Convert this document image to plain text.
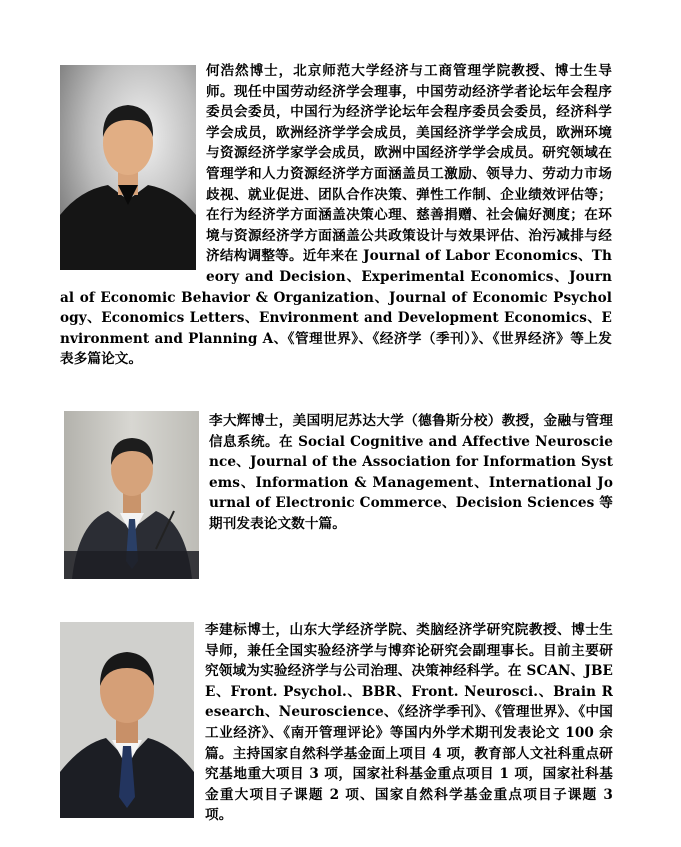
何浩然博士，北京师范大学经济与工商管理学院教授、博士生导师。现任中国劳动经济学会理事，中国劳动经济学者论坛年会程序委员会委员，中国行为经济学论坛年会程序委员会委员，经济科学学会成员，欧洲经济学学会成员，美国经济学学会成员，欧洲环境与资源经济学家学会成员，欧洲中国经济学学会成员。研究领域在管理学和人力资源经济学方面涵盖员工激励、领导力、劳动力市场歧视、就业促进、团队合作决策、弹性工作制、企业绩效评估等；在行为经济学方面涵盖决策心理、慈善捐赠、社会偏好测度；在环境与资源经济学方面涵盖公共政策设计与效果评估、治污减排与经济结构调整等。近年来在 Journal of Labor Economics、Theory and Decision、Experimental Economics、Journal of Economic Behavior & Organization、Journal of Economic Psychology、Economics Letters、Environment and Development Economics、Environment and Planning A、《管理世界》、《经济学（季刊）》、《世界经济》等上发表多篇论文。

李大辉博士，美国明尼苏达大学（德鲁斯分校）教授，金融与管理信息系统。在 Social Cognitive and Affective Neuroscience、Journal of the Association for Information Systems、Information & Management、International Journal of Electronic Commerce、Decision Sciences 等期刊发表论文数十篇。

李建标博士，山东大学经济学院、类脑经济学研究院教授、博士生导师，兼任全国实验经济学与博弈论研究会副理事长。目前主要研究领域为实验经济学与公司治理、决策神经科学。在 SCAN、JBEE、Front. Psychol.、BBR、Front. Neurosci.、Brain Research、Neuroscience、《经济学季刊》、《管理世界》、《中国工业经济》、《南开管理评论》等国内外学术期刊发表论文 100 余篇。主持国家自然科学基金面上项目 4 项，教育部人文社科重点研究基地重大项目 3 项，国家社科基金重点项目 1 项，国家社科基金重大项目子课题 2 项、国家自然科学基金重点项目子课题 3 项。
